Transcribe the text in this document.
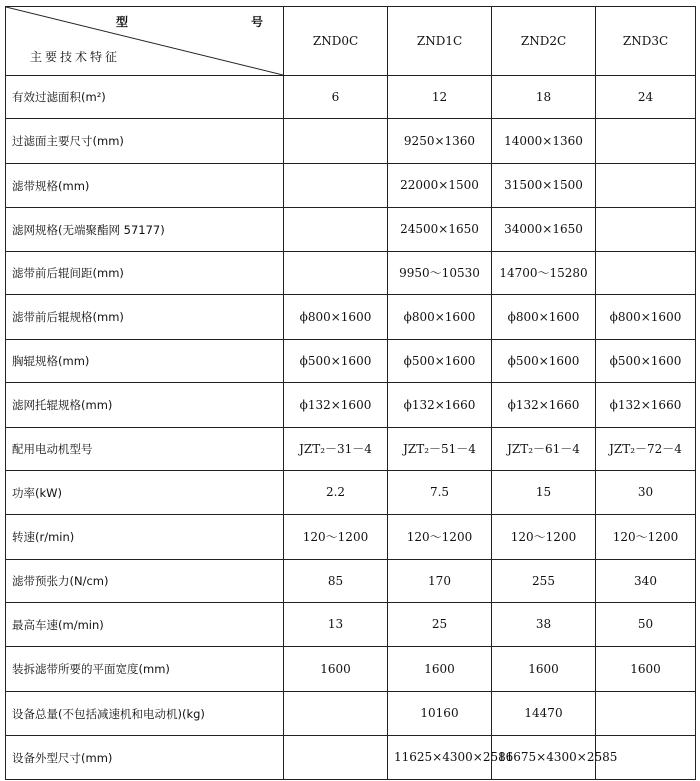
型 号
主要技术特征	ZND0C	ZND1C	ZND2C	ZND3C
有效过滤面积(m²)	6	12	18	24
过滤面主要尺寸(mm)		9250×1360	14000×1360	
滤带规格(mm)		22000×1500	31500×1500	
滤网规格(无端聚酯网 57177)		24500×1650	34000×1650	
滤带前后辊间距(mm)		9950～10530	14700～15280	
滤带前后辊规格(mm)	ϕ800×1600	ϕ800×1600	ϕ800×1600	ϕ800×1600
胸辊规格(mm)	ϕ500×1600	ϕ500×1600	ϕ500×1600	ϕ500×1600
滤网托辊规格(mm)	ϕ132×1600	ϕ132×1660	ϕ132×1660	ϕ132×1660
配用电动机型号	JZT₂－31－4	JZT₂－51－4	JZT₂－61－4	JZT₂－72－4
功率(kW)	2.2	7.5	15	30
转速(r/min)	120～1200	120～1200	120～1200	120～1200
滤带预张力(N/cm)	85	170	255	340
最高车速(m/min)	13	25	38	50
装拆滤带所要的平面宽度(mm)	1600	1600	1600	1600
设备总量(不包括减速机和电动机)(kg)		10160	14470	
设备外型尺寸(mm)		11625×4300×2581	16675×4300×2585	
